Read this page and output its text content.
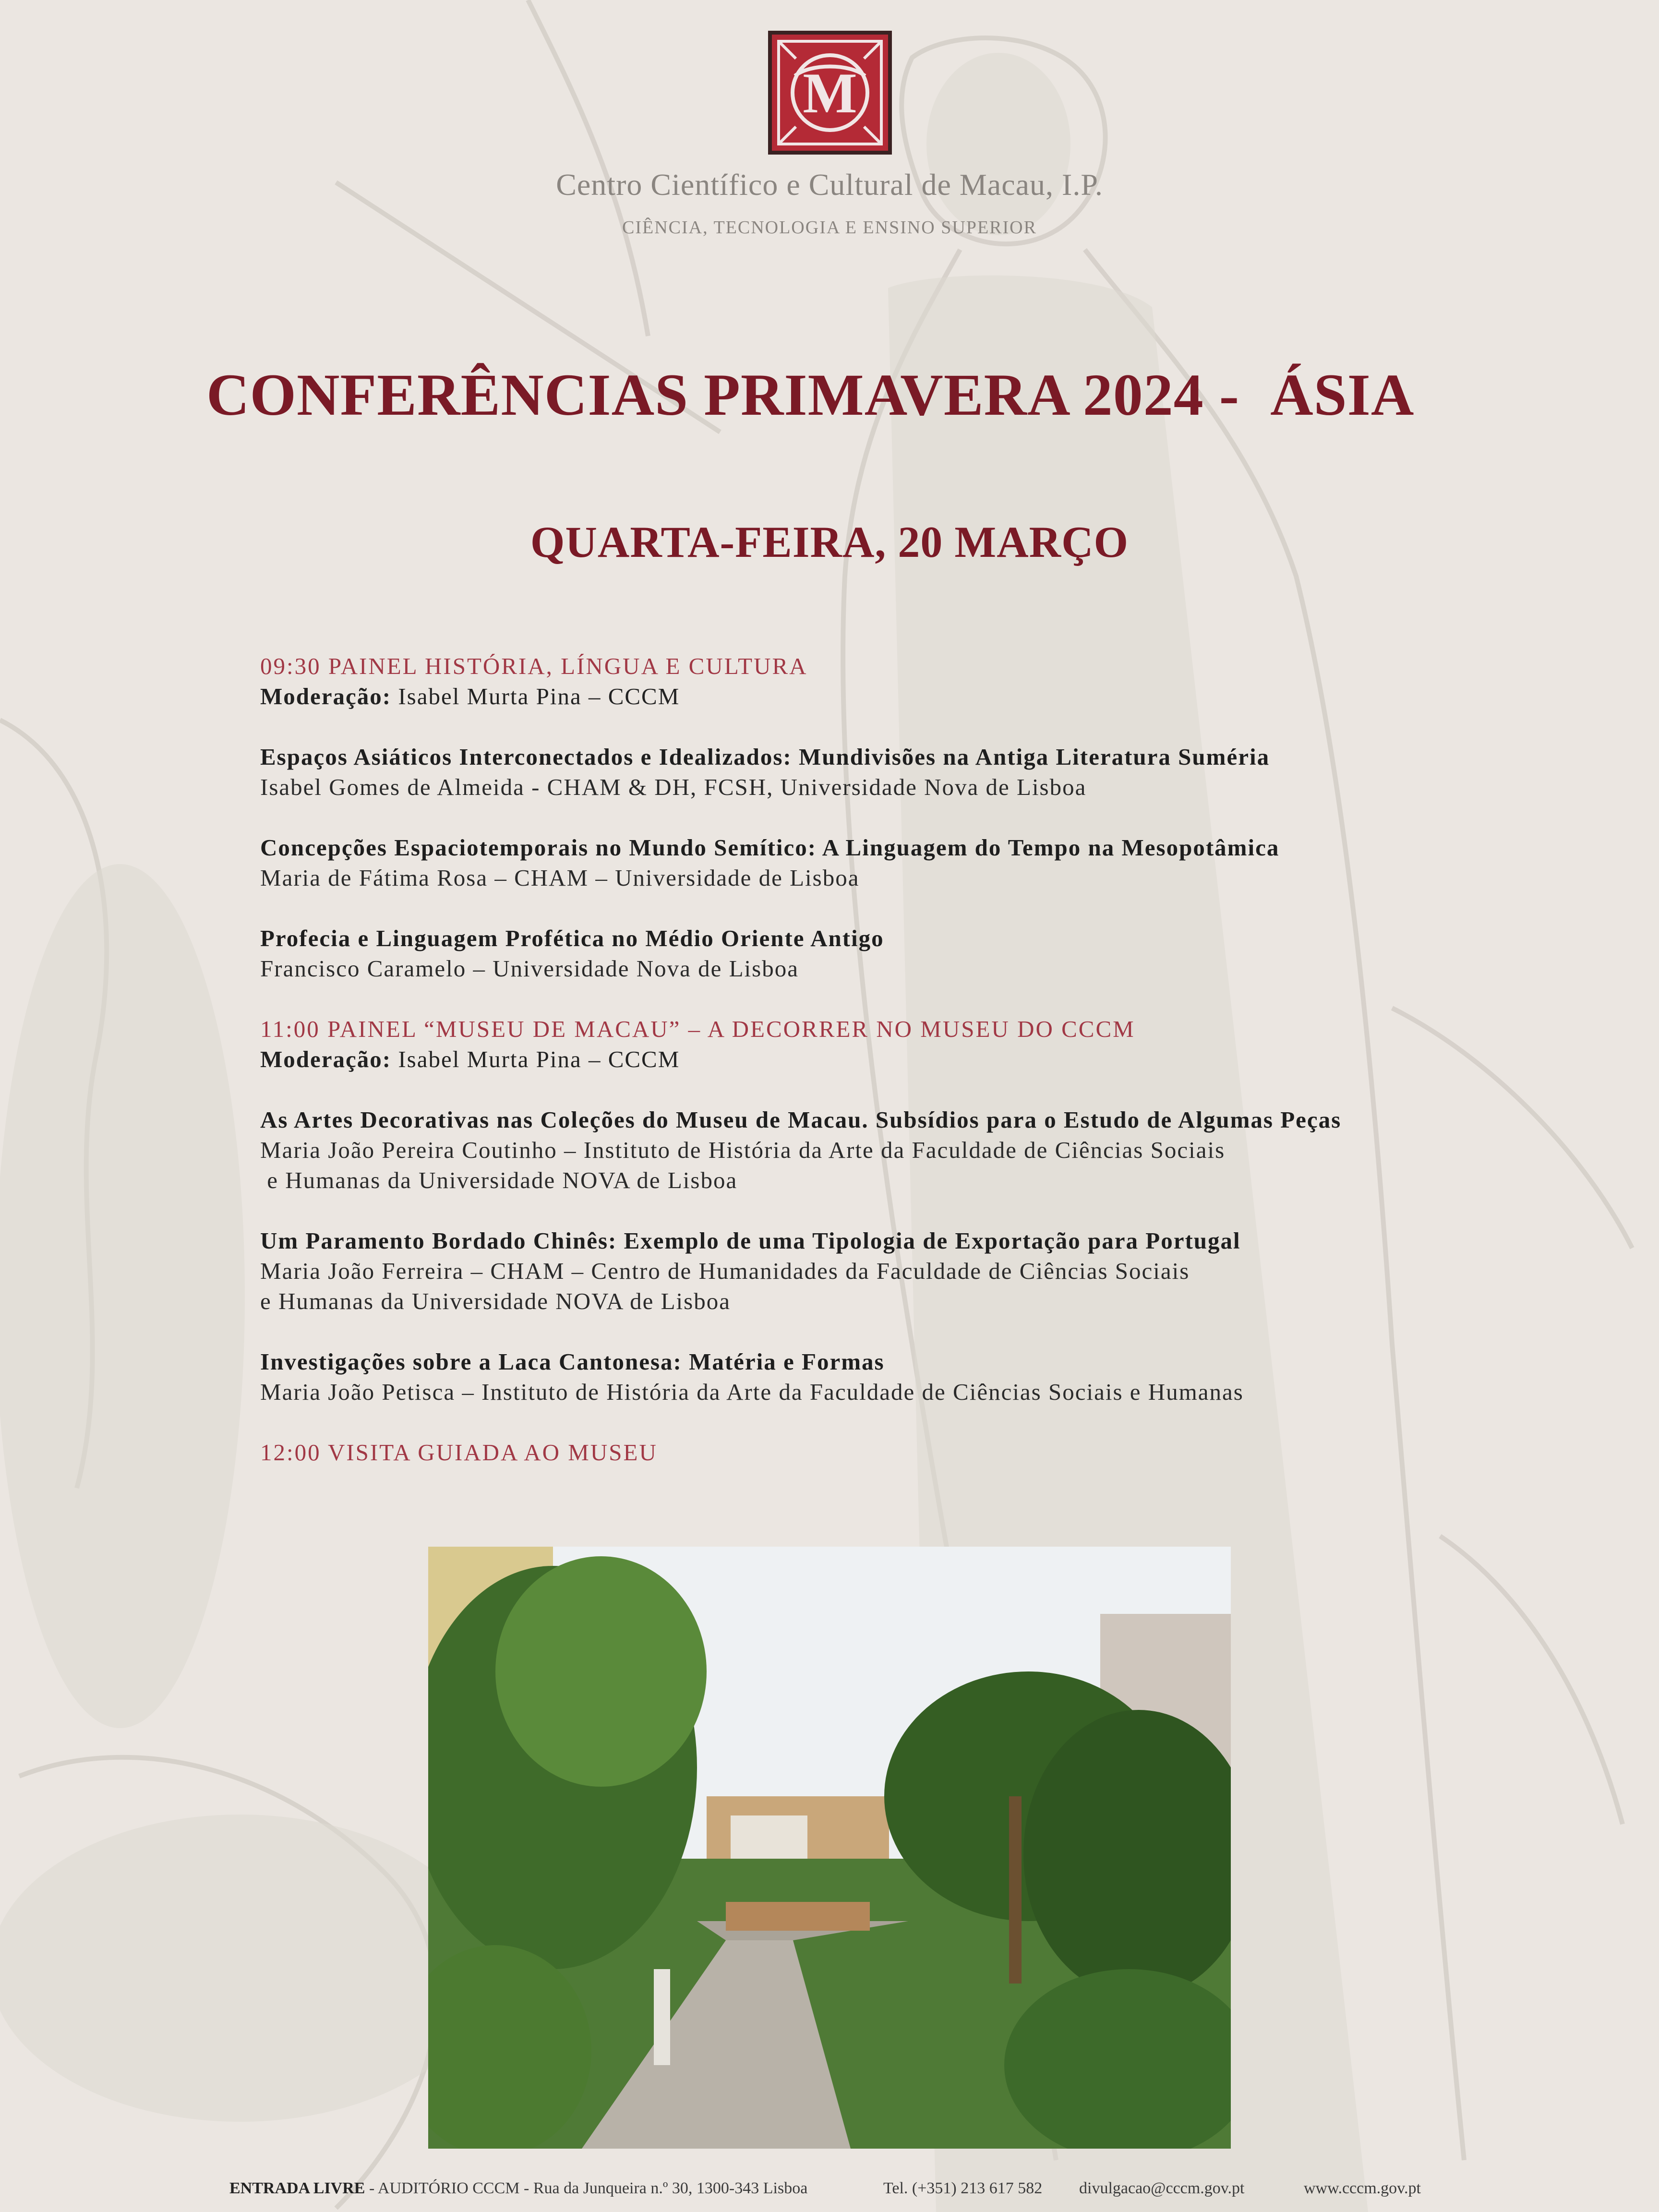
M
Centro Científico e Cultural de Macau, I.P.
CIÊNCIA, TECNOLOGIA E ENSINO SUPERIOR
CONFERÊNCIAS PRIMAVERA 2024 -  ÁSIA
QUARTA-FEIRA, 20 MARÇO
09:30 PAINEL HISTÓRIA, LÍNGUA E CULTURA
Moderação: Isabel Murta Pina – CCCM
Espaços Asiáticos Interconectados e Idealizados: Mundivisões na Antiga Literatura Suméria
Isabel Gomes de Almeida - CHAM & DH, FCSH, Universidade Nova de Lisboa
Concepções Espaciotemporais no Mundo Semítico: A Linguagem do Tempo na Mesopotâmica
Maria de Fátima Rosa – CHAM – Universidade de Lisboa
Profecia e Linguagem Profética no Médio Oriente Antigo
Francisco Caramelo – Universidade Nova de Lisboa
11:00 PAINEL “MUSEU DE MACAU” – A DECORRER NO MUSEU DO CCCM
Moderação: Isabel Murta Pina – CCCM
As Artes Decorativas nas Coleções do Museu de Macau. Subsídios para o Estudo de Algumas Peças
Maria João Pereira Coutinho – Instituto de História da Arte da Faculdade de Ciências Sociais
e Humanas da Universidade NOVA de Lisboa
Um Paramento Bordado Chinês: Exemplo de uma Tipologia de Exportação para Portugal
Maria João Ferreira – CHAM – Centro de Humanidades da Faculdade de Ciências Sociais
e Humanas da Universidade NOVA de Lisboa
Investigações sobre a Laca Cantonesa: Matéria e Formas
Maria João Petisca – Instituto de História da Arte da Faculdade de Ciências Sociais e Humanas
12:00 VISITA GUIADA AO MUSEU
ENTRADA LIVRE - AUDITÓRIO CCCM - Rua da Junqueira n.º 30, 1300-343 Lisboa	Tel. (+351) 213 617 582 divulgacao@cccm.gov.pt	www.cccm.gov.pt
